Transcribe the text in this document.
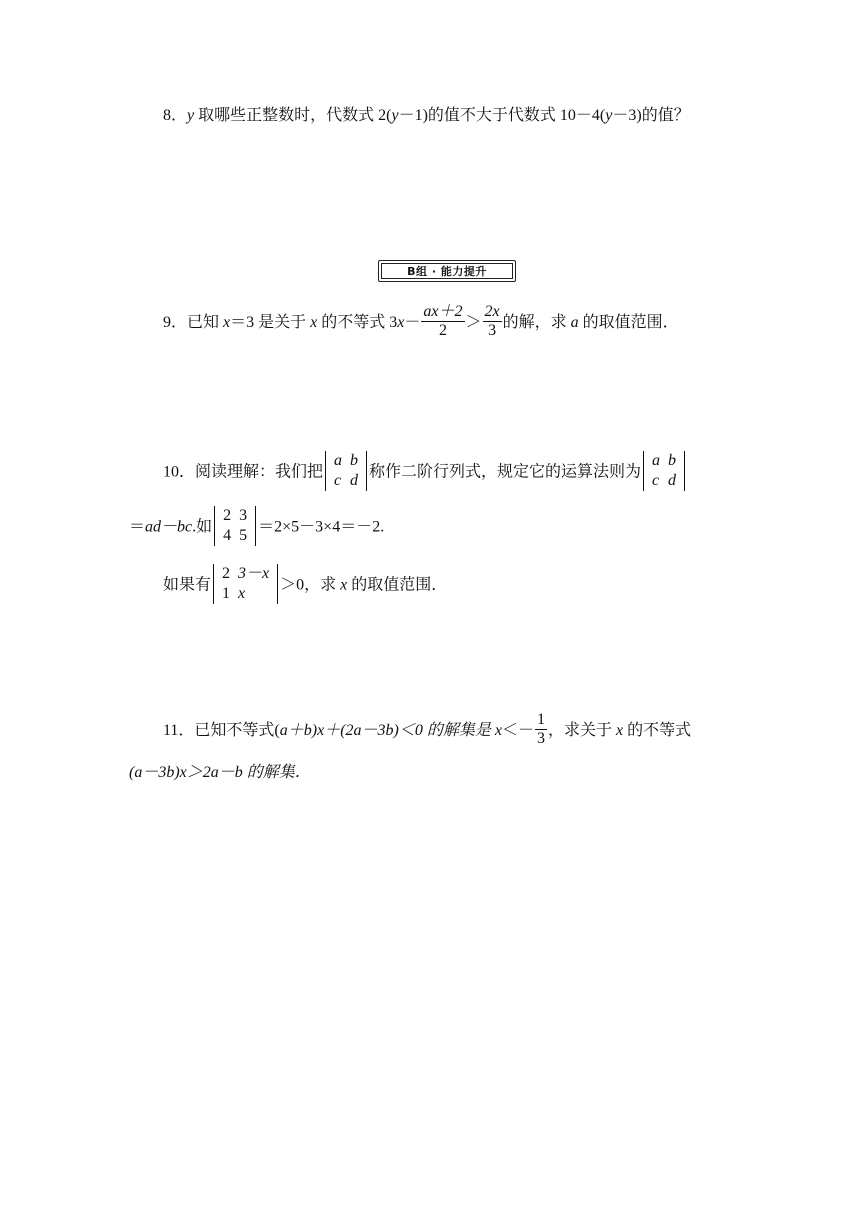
8．y 取哪些正整数时，代数式 2(y－1)的值不大于代数式 10－4(y－3)的值？
B组 · 能力提升
9．已知 x＝3 是关于 x 的不等式 $3x- \frac{ax+2}{2} > \frac{2x}{3}$ 的解，求 a 的取值范围．
10．阅读理解：我们把
a	b
c	d 称作二阶行列式，规定它的运算法则为
a	b
c	d
＝ad－bc.如
2	3
4	5 ＝2×5－3×4＝－2.
如果有
2	3－x
1	x ＞0，求 x 的取值范围．
11．已知不等式(a＋b)x＋(2a－3b)＜0 的解集是 $x<- \frac{1}{3}$ ，求关于 x 的不等式
(a－3b)x＞2a－b 的解集．
